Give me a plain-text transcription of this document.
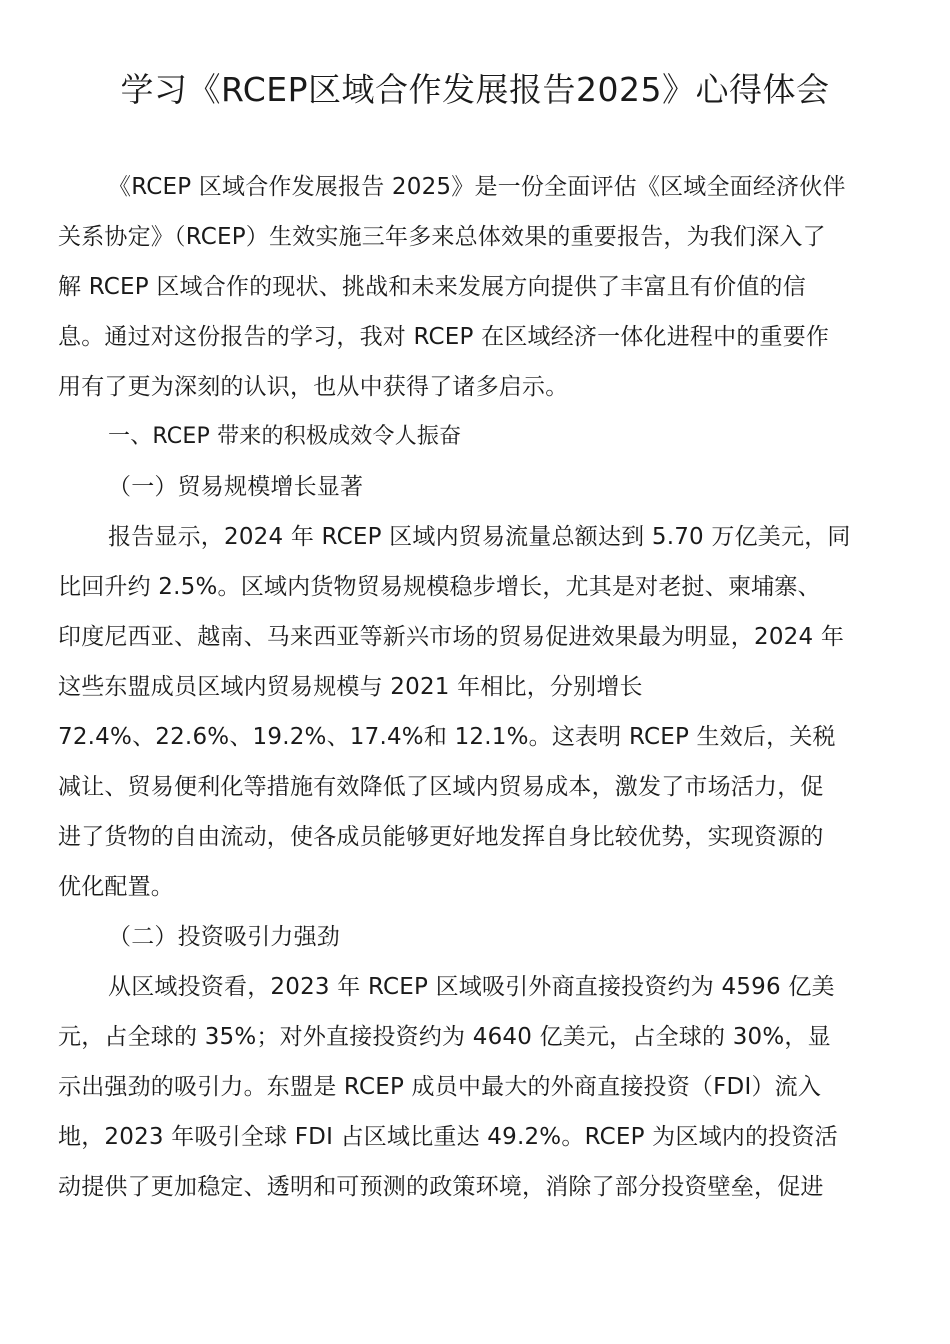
学习《RCEP区域合作发展报告2025》心得体会
《RCEP 区域合作发展报告 2025》是一份全面评估《区域全面经济伙伴
关系协定》（RCEP）生效实施三年多来总体效果的重要报告，为我们深入了
解 RCEP 区域合作的现状、挑战和未来发展方向提供了丰富且有价值的信
息。通过对这份报告的学习，我对 RCEP 在区域经济一体化进程中的重要作
用有了更为深刻的认识，也从中获得了诸多启示。
一、RCEP 带来的积极成效令人振奋
（一）贸易规模增长显著
报告显示，2024 年 RCEP 区域内贸易流量总额达到 5.70 万亿美元，同
比回升约 2.5%。区域内货物贸易规模稳步增长，尤其是对老挝、柬埔寨、
印度尼西亚、越南、马来西亚等新兴市场的贸易促进效果最为明显，2024 年
这些东盟成员区域内贸易规模与 2021 年相比，分别增长
72.4%、22.6%、19.2%、17.4%和 12.1%。这表明 RCEP 生效后，关税
减让、贸易便利化等措施有效降低了区域内贸易成本，激发了市场活力，促
进了货物的自由流动，使各成员能够更好地发挥自身比较优势，实现资源的
优化配置。
（二）投资吸引力强劲
从区域投资看，2023 年 RCEP 区域吸引外商直接投资约为 4596 亿美
元，占全球的 35%；对外直接投资约为 4640 亿美元，占全球的 30%，显
示出强劲的吸引力。东盟是 RCEP 成员中最大的外商直接投资（FDI）流入
地，2023 年吸引全球 FDI 占区域比重达 49.2%。RCEP 为区域内的投资活
动提供了更加稳定、透明和可预测的政策环境，消除了部分投资壁垒，促进
